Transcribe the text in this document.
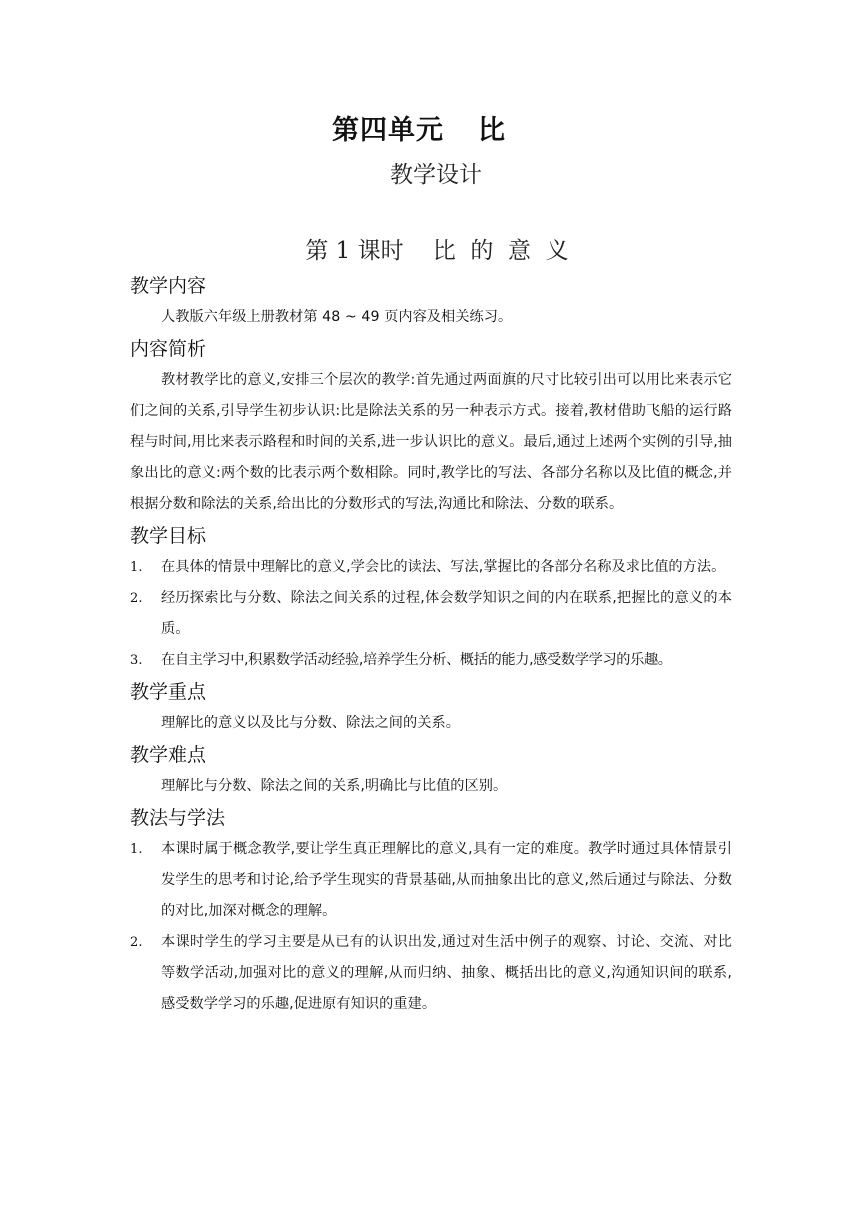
第四单元 比
教学设计
第 1 课时    比  的  意  义
教学内容

人教版六年级上册教材第 48 ~ 49 页内容及相关练习。

内容简析

教材教学比的意义,安排三个层次的教学:首先通过两面旗的尺寸比较引出可以用比来表示它们之间的关系,引导学生初步认识:比是除法关系的另一种表示方式。接着,教材借助飞船的运行路程与时间,用比来表示路程和时间的关系,进一步认识比的意义。最后,通过上述两个实例的引导,抽象出比的意义:两个数的比表示两个数相除。同时,教学比的写法、各部分名称以及比值的概念,并根据分数和除法的关系,给出比的分数形式的写法,沟通比和除法、分数的联系。

教学目标
1. 在具体的情景中理解比的意义,学会比的读法、写法,掌握比的各部分名称及求比值的方法。
2. 经历探索比与分数、除法之间关系的过程,体会数学知识之间的内在联系,把握比的意义的本质。
3. 在自主学习中,积累数学活动经验,培养学生分析、概括的能力,感受数学学习的乐趣。
教学重点

理解比的意义以及比与分数、除法之间的关系。

教学难点

理解比与分数、除法之间的关系,明确比与比值的区别。

教法与学法
1. 本课时属于概念教学,要让学生真正理解比的意义,具有一定的难度。教学时通过具体情景引发学生的思考和讨论,给予学生现实的背景基础,从而抽象出比的意义,然后通过与除法、分数的对比,加深对概念的理解。
2. 本课时学生的学习主要是从已有的认识出发,通过对生活中例子的观察、讨论、交流、对比等数学活动,加强对比的意义的理解,从而归纳、抽象、概括出比的意义,沟通知识间的联系,感受数学学习的乐趣,促进原有知识的重建。
